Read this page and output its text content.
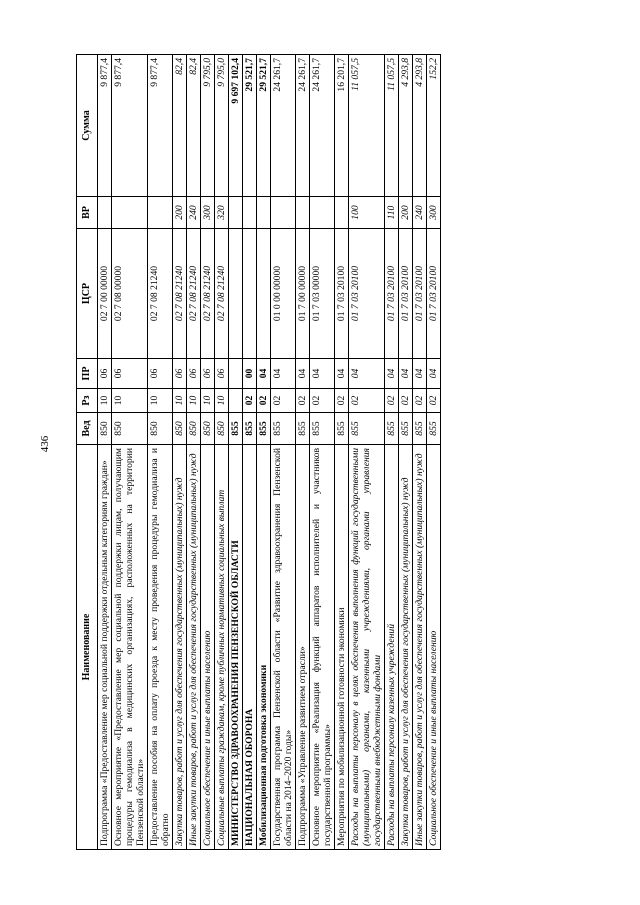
436
Наименование	Вед	Рз	ПР	ЦСР	ВР	Сумма
Подпрограмма «Предоставление мер социальной поддержки отдельным категориям граждан»	850	10	06	02 7 00 00000		9 877,4
Основное мероприятие «Предоставление мер социальной поддержки лицам, получающим процедуры гемодиализа в медицинских организациях, расположенных на территории Пензенской области»	850	10	06	02 7 08 00000		9 877,4
Предоставление пособия на оплату проезда к месту проведения процедуры гемодиализа и обратно	850	10	06	02 7 08 21240		9 877,4
Закупка товаров, работ и услуг для обеспечения государственных (муниципальных) нужд	850	10	06	02 7 08 21240	200	82,4
Иные закупки товаров, работ и услуг для обеспечения государственных (муниципальных) нужд	850	10	06	02 7 08 21240	240	82,4
Социальное обеспечение и иные выплаты населению	850	10	06	02 7 08 21240	300	9 795,0
Социальные выплаты гражданам, кроме публичных нормативных социальных выплат	850	10	06	02 7 08 21240	320	9 795,0
МИНИСТЕРСТВО ЗДРАВООХРАНЕНИЯ ПЕНЗЕНСКОЙ ОБЛАСТИ	855					9 697 102,4
НАЦИОНАЛЬНАЯ ОБОРОНА	855	02	00			29 521,7
Мобилизационная подготовка экономики	855	02	04			29 521,7
Государственная программа Пензенской области «Развитие здравоохранения Пензенской области на 2014–2020 годы»	855	02	04	01 0 00 00000		24 261,7
Подпрограмма «Управление развитием отрасли»	855	02	04	01 7 00 00000		24 261,7
Основное мероприятие «Реализация функций аппаратов исполнителей и участников государственной программы»	855	02	04	01 7 03 00000		24 261,7
Мероприятия по мобилизационной готовности экономики	855	02	04	01 7 03 20100		16 201,7
Расходы на выплаты персоналу в целях обеспечения выполнения функций государственными (муниципальными) органами, казенными учреждениями, органами управления государственными внебюджетными фондами	855	02	04	01 7 03 20100	100	11 057,5
Расходы на выплаты персоналу казенных учреждений	855	02	04	01 7 03 20100	110	11 057,5
Закупка товаров, работ и услуг для обеспечения государственных (муниципальных) нужд	855	02	04	01 7 03 20100	200	4 293,8
Иные закупки товаров, работ и услуг для обеспечения государственных (муниципальных) нужд	855	02	04	01 7 03 20100	240	4 293,8
Социальное обеспечение и иные выплаты населению	855	02	04	01 7 03 20100	300	152,2
